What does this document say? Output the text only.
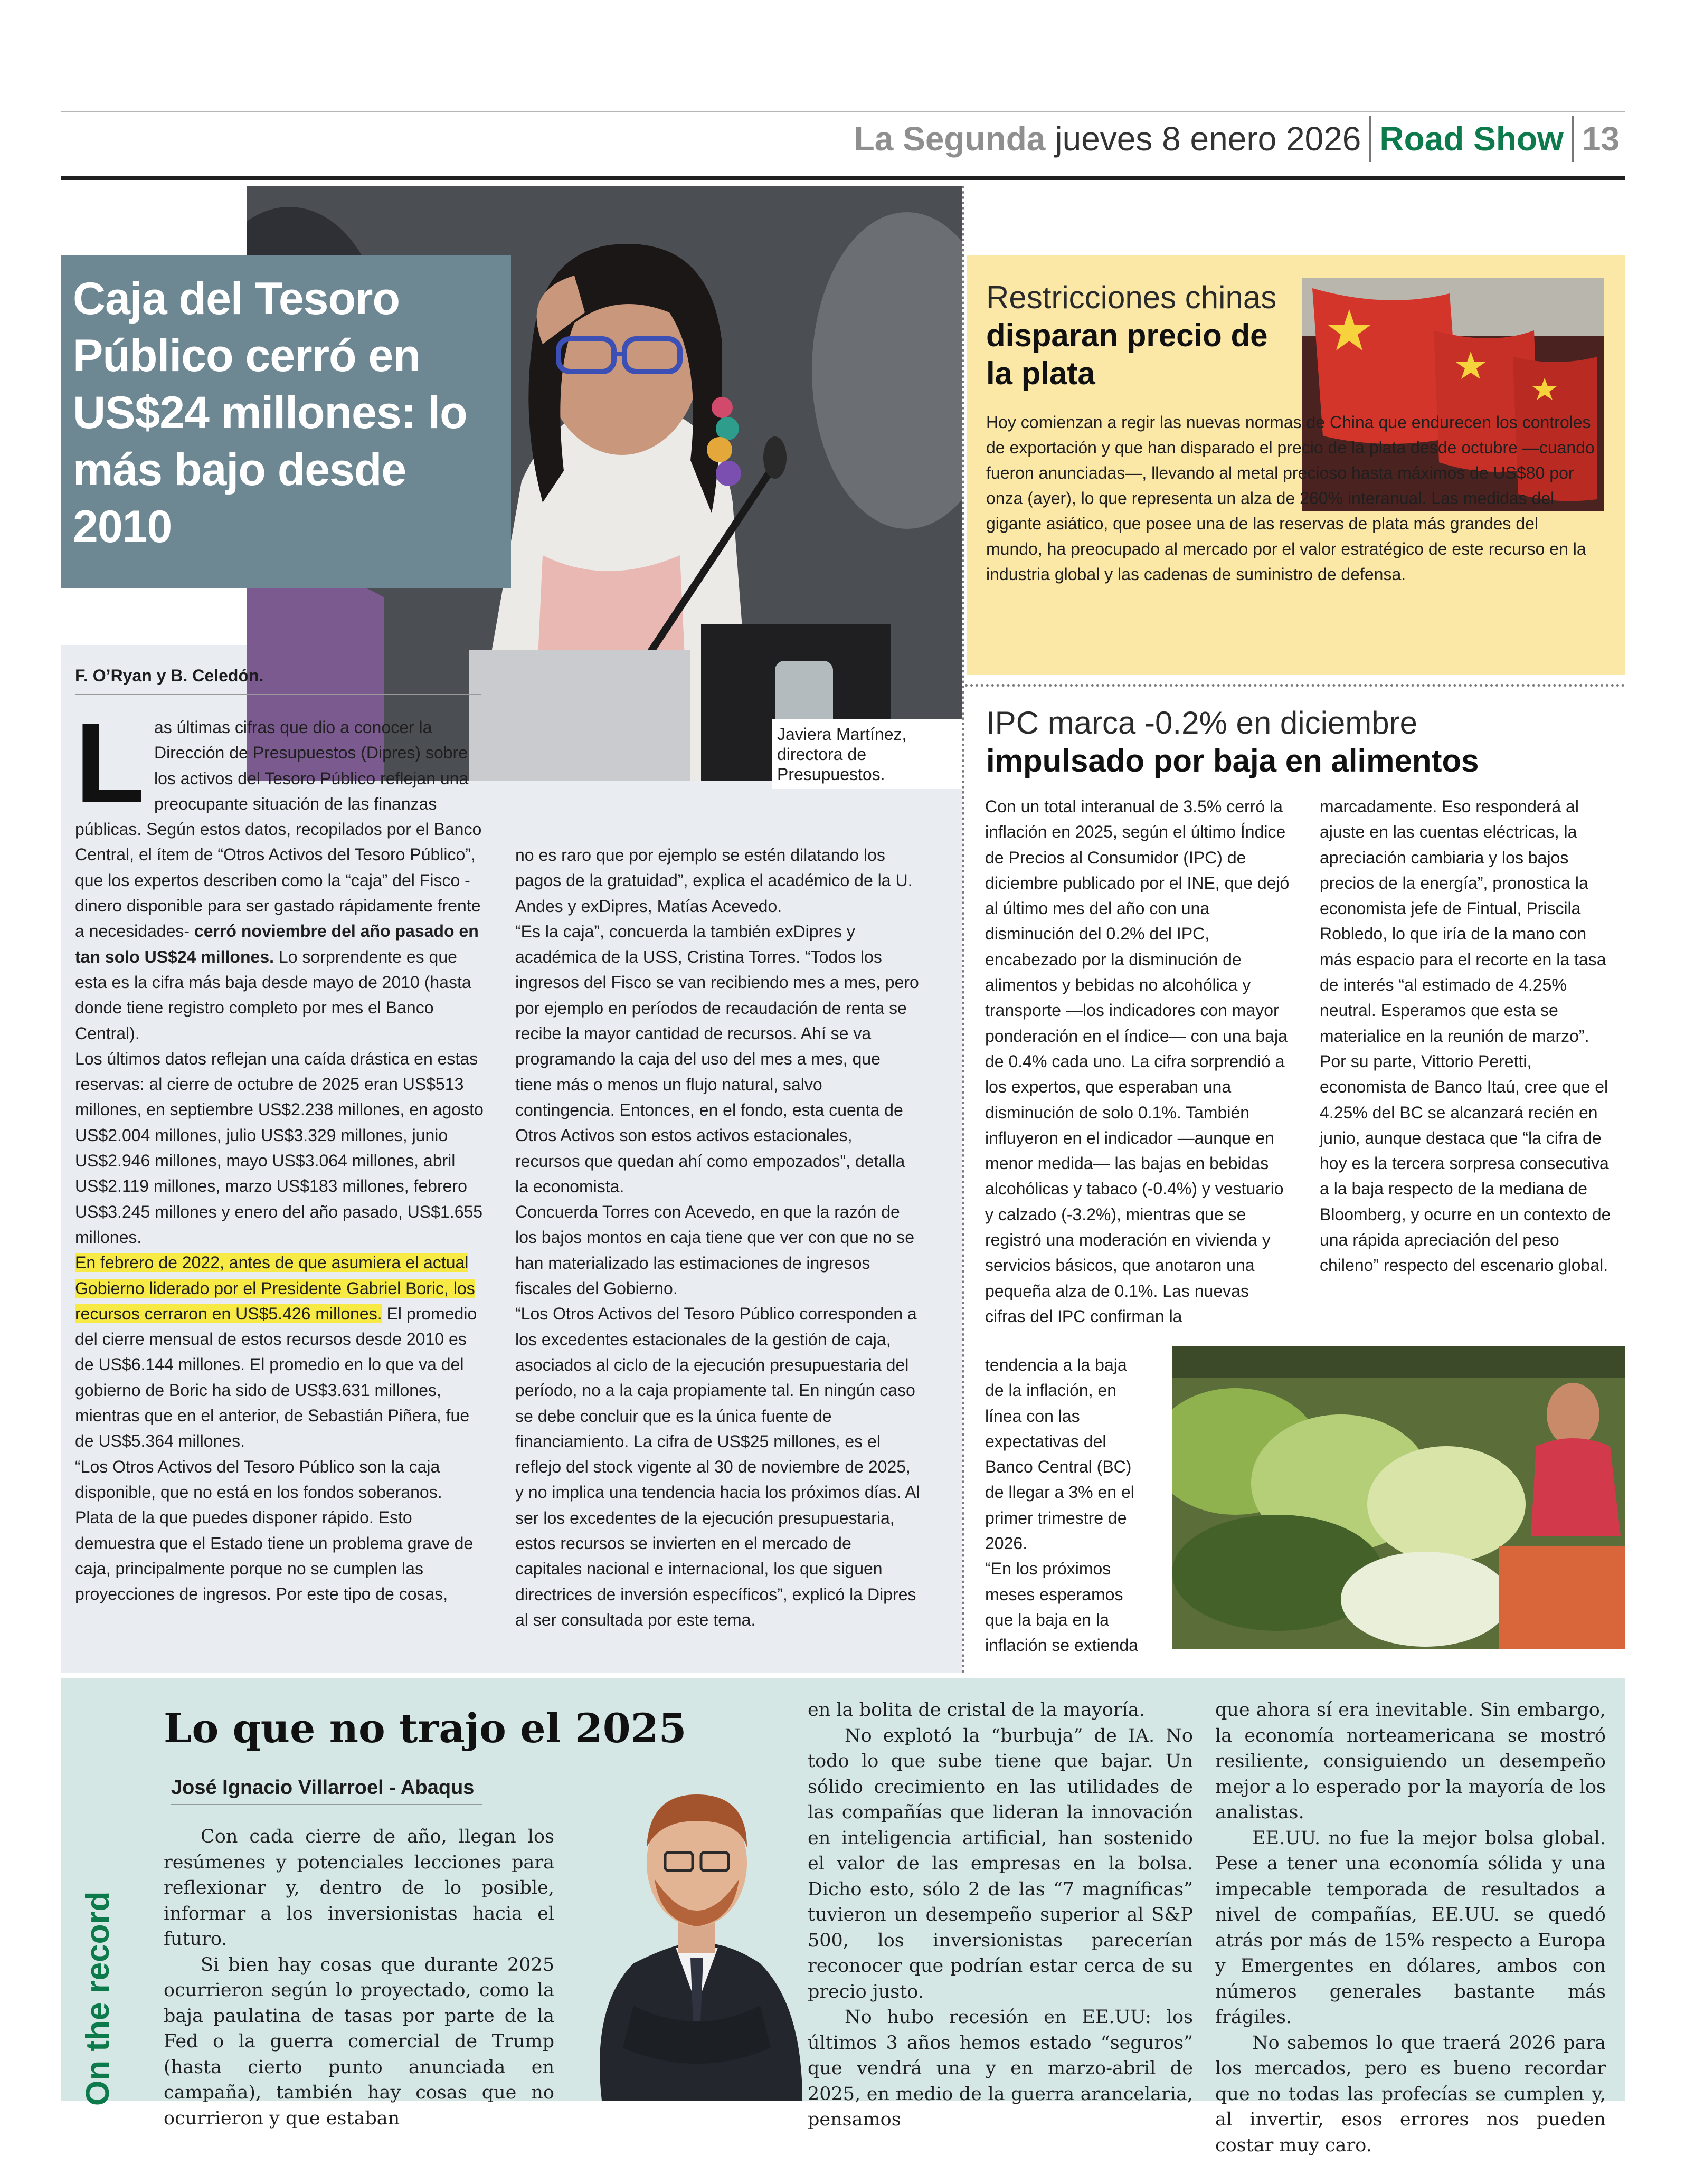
La Segunda jueves 8 enero 2026 Road Show 13
Caja del Tesoro Público cerró en US$24 millones: lo más bajo desde 2010
F. O’Ryan y B. Celedón.
Javiera Martínez, directora de Presupuestos.

L as últimas cifras que dio a conocer la Dirección de Presupuestos (Dipres) sobre los activos del Tesoro Público reflejan una preocupante situación de las finanzas públicas. Según estos datos, recopilados por el Banco Central, el ítem de “Otros Activos del Tesoro Público”, que los expertos describen como la “caja” del Fisco -dinero disponible para ser gastado rápidamente frente a necesidades- cerró noviembre del año pasado en tan solo US$24 millones. Lo sorprendente es que esta es la cifra más baja desde mayo de 2010 (hasta donde tiene registro completo por mes el Banco Central).

Los últimos datos reflejan una caída drástica en estas reservas: al cierre de octubre de 2025 eran US$513 millones, en septiembre US$2.238 millones, en agosto US$2.004 millones, julio US$3.329 millones, junio US$2.946 millones, mayo US$3.064 millones, abril US$2.119 millones, marzo US$183 millones, febrero US$3.245 millones y enero del año pasado, US$1.655 millones.

En febrero de 2022, antes de que asumiera el actual Gobierno liderado por el Presidente Gabriel Boric, los recursos cerraron en US$5.426 millones. El promedio del cierre mensual de estos recursos desde 2010 es de US$6.144 millones. El promedio en lo que va del gobierno de Boric ha sido de US$3.631 millones, mientras que en el anterior, de Sebastián Piñera, fue de US$5.364 millones.

“Los Otros Activos del Tesoro Público son la caja disponible, que no está en los fondos soberanos. Plata de la que puedes disponer rápido. Esto demuestra que el Estado tiene un problema grave de caja, principalmente porque no se cumplen las proyecciones de ingresos. Por este tipo de cosas,

no es raro que por ejemplo se estén dilatando los pagos de la gratuidad”, explica el académico de la U. Andes y exDipres, Matías Acevedo.

“Es la caja”, concuerda la también exDipres y académica de la USS, Cristina Torres. “Todos los ingresos del Fisco se van recibiendo mes a mes, pero por ejemplo en períodos de recaudación de renta se recibe la mayor cantidad de recursos. Ahí se va programando la caja del uso del mes a mes, que tiene más o menos un flujo natural, salvo contingencia. Entonces, en el fondo, esta cuenta de Otros Activos son estos activos estacionales, recursos que quedan ahí como empozados”, detalla la economista.

Concuerda Torres con Acevedo, en que la razón de los bajos montos en caja tiene que ver con que no se han materializado las estimaciones de ingresos fiscales del Gobierno.

“Los Otros Activos del Tesoro Público corresponden a los excedentes estacionales de la gestión de caja, asociados al ciclo de la ejecución presupuestaria del período, no a la caja propiamente tal. En ningún caso se debe concluir que es la única fuente de financiamiento. La cifra de US$25 millones, es el reflejo del stock vigente al 30 de noviembre de 2025, y no implica una tendencia hacia los próximos días. Al ser los excedentes de la ejecución presupuestaria, estos recursos se invierten en el mercado de capitales nacional e internacional, los que siguen directrices de inversión específicos”, explicó la Dipres al ser consultada por este tema.

Restricciones chinas disparan precio de la plata
Hoy comienzan a regir las nuevas normas de China que endurecen los controles de exportación y que han disparado el precio de la plata desde octubre —cuando fueron anunciadas—, llevando al metal precioso hasta máximos de US$80 por onza (ayer), lo que representa un alza de 260% interanual. Las medidas del gigante asiático, que posee una de las reservas de plata más grandes del mundo, ha preocupado al mercado por el valor estratégico de este recurso en la industria global y las cadenas de suministro de defensa.
IPC marca -0.2% en diciembre
impulsado por baja en alimentos

Con un total interanual de 3.5% cerró la inflación en 2025, según el último Índice de Precios al Consumidor (IPC) de diciembre publicado por el INE, que dejó al último mes del año con una disminución del 0.2% del IPC, encabezado por la disminución de alimentos y bebidas no alcohólica y transporte —los indicadores con mayor ponderación en el índice— con una baja de 0.4% cada uno. La cifra sorprendió a los expertos, que esperaban una disminución de solo 0.1%. También influyeron en el indicador —aunque en menor medida— las bajas en bebidas alcohólicas y tabaco (-0.4%) y vestuario y calzado (-3.2%), mientras que se registró una moderación en vivienda y servicios básicos, que anotaron una pequeña alza de 0.1%. Las nuevas cifras del IPC confirman la

tendencia a la baja de la inflación, en línea con las expectativas del Banco Central (BC) de llegar a 3% en el primer trimestre de 2026.

“En los próximos meses esperamos que la baja en la inflación se extienda

marcadamente. Eso responderá al ajuste en las cuentas eléctricas, la apreciación cambiaria y los bajos precios de la energía”, pronostica la economista jefe de Fintual, Priscila Robledo, lo que iría de la mano con más espacio para el recorte en la tasa de interés “al estimado de 4.25% neutral. Esperamos que esta se materialice en la reunión de marzo”.

Por su parte, Vittorio Peretti, economista de Banco Itaú, cree que el 4.25% del BC se alcanzará recién en junio, aunque destaca que “la cifra de hoy es la tercera sorpresa consecutiva a la baja respecto de la mediana de Bloomberg, y ocurre en un contexto de una rápida apreciación del peso chileno” respecto del escenario global.

On the record
Lo que no trajo el 2025
José Ignacio Villarroel - Abaqus

Con cada cierre de año, llegan los resúmenes y potenciales lecciones para reflexionar y, dentro de lo posible, informar a los inversionistas hacia el futuro.

Si bien hay cosas que durante 2025 ocurrieron según lo proyectado, como la baja paulatina de tasas por parte de la Fed o la guerra comercial de Trump (hasta cierto punto anunciada en campaña), también hay cosas que no ocurrieron y que estaban

en la bolita de cristal de la mayoría.

No explotó la “burbuja” de IA. No todo lo que sube tiene que bajar. Un sólido crecimiento en las utilidades de las compañías que lideran la innovación en inteligencia artificial, han sostenido el valor de las empresas en la bolsa. Dicho esto, sólo 2 de las “7 magníficas” tuvieron un desempeño superior al S&P 500, los inversionistas parecerían reconocer que podrían estar cerca de su precio justo.

No hubo recesión en EE.UU: los últimos 3 años hemos estado “seguros” que vendrá una y en marzo-abril de 2025, en medio de la guerra arancelaria, pensamos

que ahora sí era inevitable. Sin embargo, la economía norteamericana se mostró resiliente, consiguiendo un desempeño mejor a lo esperado por la mayoría de los analistas.

EE.UU. no fue la mejor bolsa global. Pese a tener una economía sólida y una impecable temporada de resultados a nivel de compañías, EE.UU. se quedó atrás por más de 15% respecto a Europa y Emergentes en dólares, ambos con números generales bastante más frágiles.

No sabemos lo que traerá 2026 para los mercados, pero es bueno recordar que no todas las profecías se cumplen y, al invertir, esos errores nos pueden costar muy caro.
